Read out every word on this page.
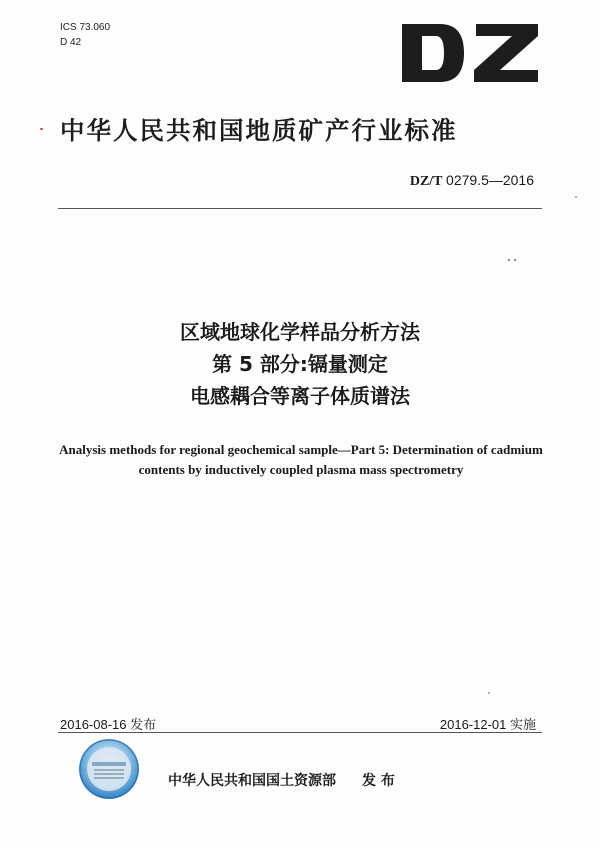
ICS 73.060
D 42
中华人民共和国地质矿产行业标准
DZ/T 0279.5—2016
区域地球化学样品分析方法
第 5 部分:镉量测定
电感耦合等离子体质谱法
Analysis methods for regional geochemical sample—Part 5: Determination of cadmium contents by inductively coupled plasma mass spectrometry
2016-08-16 发布	2016-12-01 实施
中华人民共和国国土资源部 发 布
